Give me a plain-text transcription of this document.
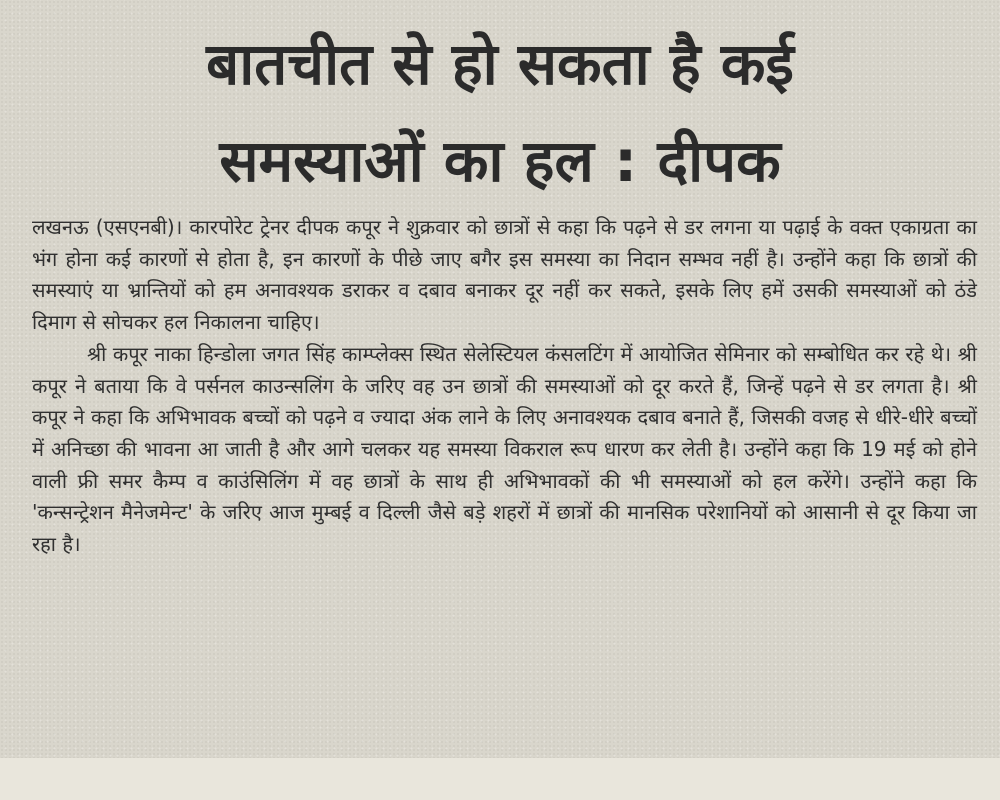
बातचीत से हो सकता है कई
समस्याओं का हल : दीपक

लखनऊ (एसएनबी)। कारपोरेट ट्रेनर दीपक कपूर ने शुक्रवार को छात्रों से कहा कि पढ़ने से डर लगना या पढ़ाई के वक्त एकाग्रता का भंग होना कई कारणों से होता है, इन कारणों के पीछे जाए बगैर इस समस्या का निदान सम्भव नहीं है। उन्होंने कहा कि छात्रों की समस्याएं या भ्रान्तियों को हम अनावश्यक डराकर व दबाव बनाकर दूर नहीं कर सकते, इसके लिए हमें उसकी समस्याओं को ठंडे दिमाग से सोचकर हल निकालना चाहिए।

श्री कपूर नाका हिन्डोला जगत सिंह काम्प्लेक्स स्थित सेलेस्टियल कंसलटिंग में आयोजित सेमिनार को सम्बोधित कर रहे थे। श्री कपूर ने बताया कि वे पर्सनल काउन्सलिंग के जरिए वह उन छात्रों की समस्याओं को दूर करते हैं, जिन्हें पढ़ने से डर लगता है। श्री कपूर ने कहा कि अभिभावक बच्चों को पढ़ने व ज्यादा अंक लाने के लिए अनावश्यक दबाव बनाते हैं, जिसकी वजह से धीरे-धीरे बच्चों में अनिच्छा की भावना आ जाती है और आगे चलकर यह समस्या विकराल रूप धारण कर लेती है। उन्होंने कहा कि 19 मई को होने वाली फ्री समर कैम्प व काउंसिलिंग में वह छात्रों के साथ ही अभिभावकों की भी समस्याओं को हल करेंगे। उन्होंने कहा कि 'कन्सन्ट्रेशन मैनेजमेन्ट' के जरिए आज मुम्बई व दिल्ली जैसे बड़े शहरों में छात्रों की मानसिक परेशानियों को आसानी से दूर किया जा रहा है।
